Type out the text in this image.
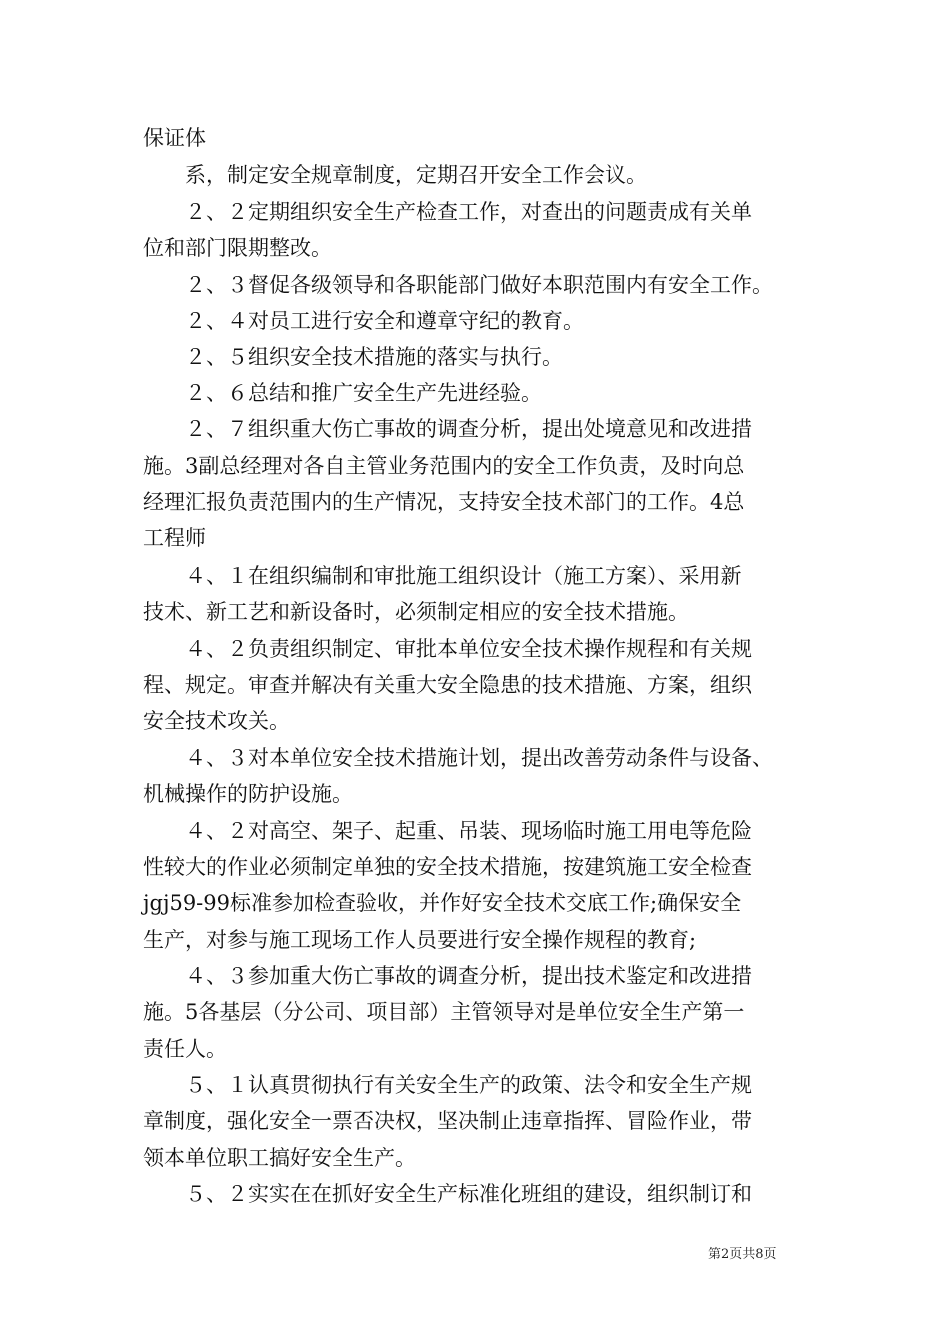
保证体
　　系，制定安全规章制度，定期召开安全工作会议。
　　２、２定期组织安全生产检查工作，对查出的问题责成有关单
位和部门限期整改。
　　２、３督促各级领导和各职能部门做好本职范围内有安全工作。
　　２、４对员工进行安全和遵章守纪的教育。
　　２、５组织安全技术措施的落实与执行。
　　２、６总结和推广安全生产先进经验。
　　２、７组织重大伤亡事故的调查分析，提出处境意见和改进措
施。3副总经理对各自主管业务范围内的安全工作负责，及时向总
经理汇报负责范围内的生产情况，支持安全技术部门的工作。4总
工程师
　　４、１在组织编制和审批施工组织设计（施工方案）、采用新
技术、新工艺和新设备时，必须制定相应的安全技术措施。
　　４、２负责组织制定、审批本单位安全技术操作规程和有关规
程、规定。审查并解决有关重大安全隐患的技术措施、方案，组织
安全技术攻关。
　　４、３对本单位安全技术措施计划，提出改善劳动条件与设备、
机械操作的防护设施。
　　４、２对高空、架子、起重、吊装、现场临时施工用电等危险
性较大的作业必须制定单独的安全技术措施，按建筑施工安全检查
jgj59-99标准参加检查验收，并作好安全技术交底工作;确保安全
生产，对参与施工现场工作人员要进行安全操作规程的教育;
　　４、３参加重大伤亡事故的调查分析，提出技术鉴定和改进措
施。5各基层（分公司、项目部）主管领导对是单位安全生产第一
责任人。
　　５、１认真贯彻执行有关安全生产的政策、法令和安全生产规
章制度，强化安全一票否决权，坚决制止违章指挥、冒险作业，带
领本单位职工搞好安全生产。
　　５、２实实在在抓好安全生产标准化班组的建设，组织制订和
第2页共8页
